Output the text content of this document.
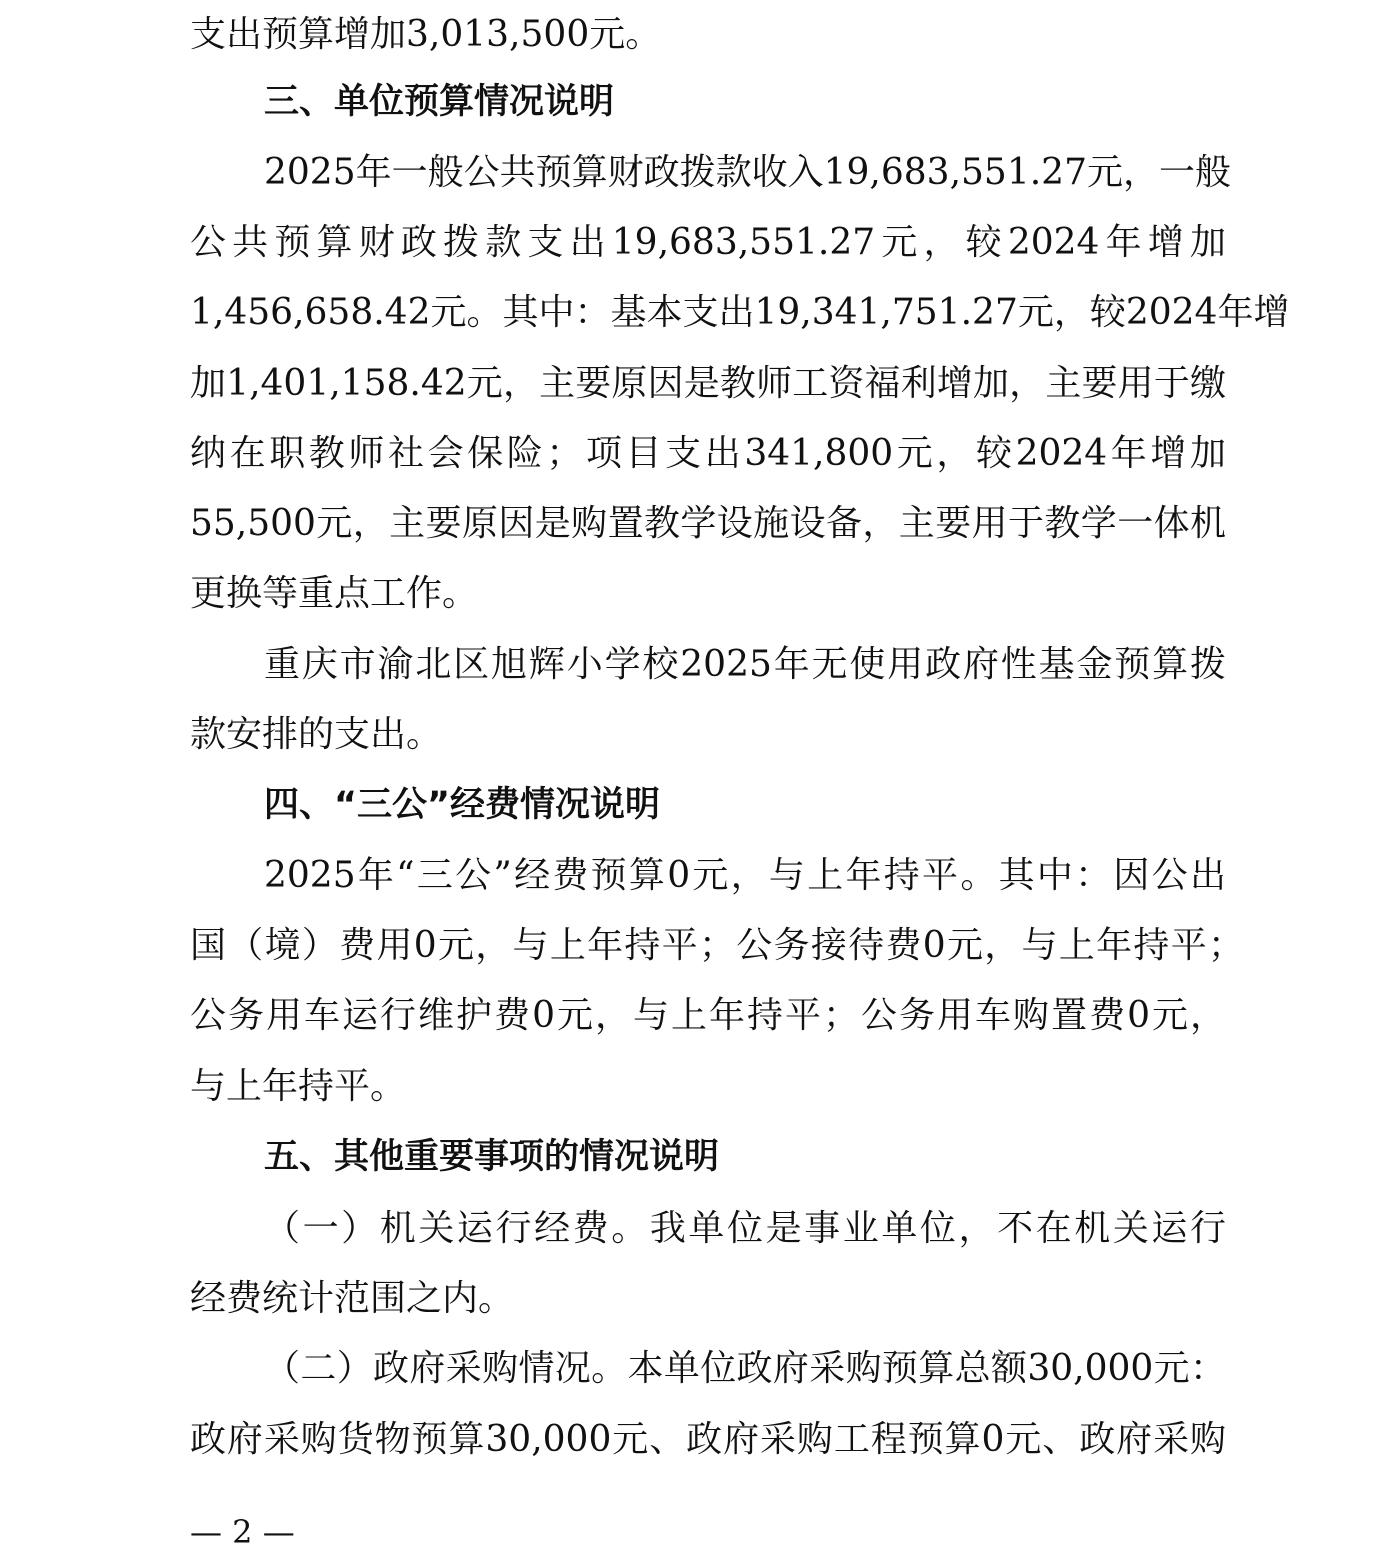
支出预算增加3,013,500元。
三、单位预算情况说明
2025年一般公共预算财政拨款收入19,683,551.27元，一般
公共预算财政拨款支出19,683,551.27元，较2024年增加
1,456,658.42元。其中：基本支出19,341,751.27元，较2024年增
加1,401,158.42元，主要原因是教师工资福利增加，主要用于缴
纳在职教师社会保险；项目支出341,800元，较2024年增加
55,500元，主要原因是购置教学设施设备，主要用于教学一体机
更换等重点工作。
重庆市渝北区旭辉小学校2025年无使用政府性基金预算拨
款安排的支出。
四、“三公”经费情况说明
2025年“三公”经费预算0元，与上年持平。其中：因公出
国（境）费用0元，与上年持平；公务接待费0元，与上年持平；
公务用车运行维护费0元，与上年持平；公务用车购置费0元，
与上年持平。
五、其他重要事项的情况说明
（一）机关运行经费。我单位是事业单位，不在机关运行
经费统计范围之内。
（二）政府采购情况。本单位政府采购预算总额30,000元：
政府采购货物预算30,000元、政府采购工程预算0元、政府采购
— 2 —
